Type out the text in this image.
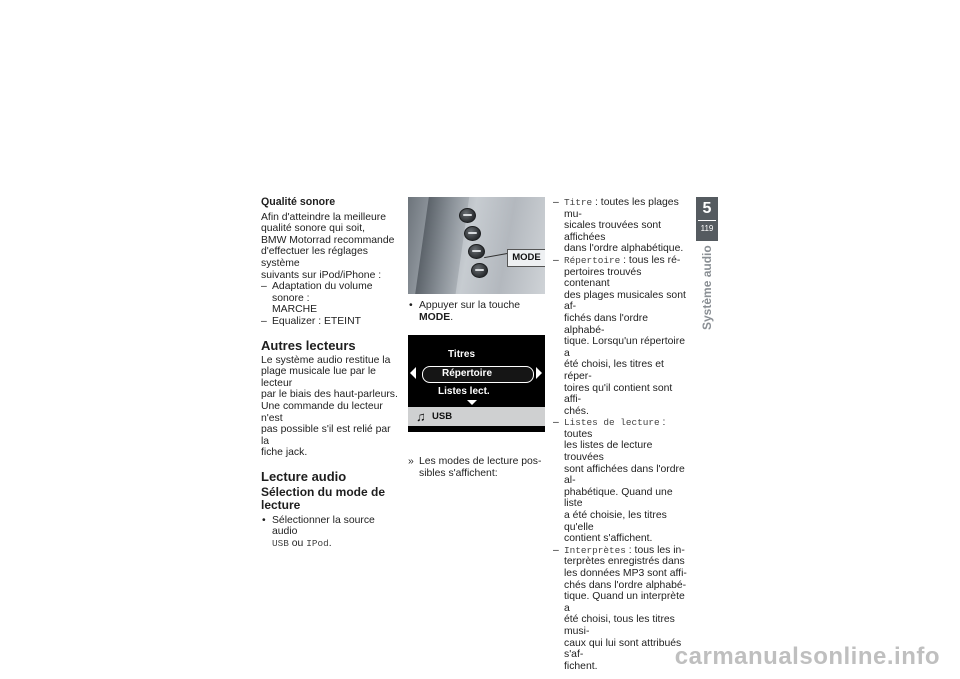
Qualité sonore

Afin d'atteindre la meilleure

qualité sonore qui soit,

BMW Motorrad recommande

d'effectuer les réglages système

suivants sur iPod/iPhone :

– Adaptation du volume sonore :
MARCHE
– Equalizer : ETEINT
Autres lecteurs

Le système audio restitue la

plage musicale lue par le lecteur

par le biais des haut-parleurs.

Une commande du lecteur n'est

pas possible s'il est relié par la

fiche jack.

Lecture audio
Sélection du mode de
lecture
• Sélectionner la source audio
USB ou IPod.
MODE
• Appuyer sur la touche MODE.
Titres
Répertoire
Listes lect.
♫ USB
» Les modes de lecture pos-
sibles s'affichent:
– Titre : toutes les plages mu-
sicales trouvées sont affichées
dans l'ordre alphabétique.
– Répertoire : tous les ré-
pertoires trouvés contenant
des plages musicales sont af-
fichés dans l'ordre alphabé-
tique. Lorsqu'un répertoire a
été choisi, les titres et réper-
toires qu'il contient sont affi-
chés.
– Listes de lecture : toutes
les listes de lecture trouvées
sont affichées dans l'ordre al-
phabétique. Quand une liste
a été choisie, les titres qu'elle
contient s'affichent.
– Interprètes : tous les in-
terprètes enregistrés dans
les données MP3 sont affi-
chés dans l'ordre alphabé-
tique. Quand un interprète a
été choisi, tous les titres musi-
caux qui lui sont attribués s'af-
fichent.
5
119
Système audio
carmanualsonline.info
